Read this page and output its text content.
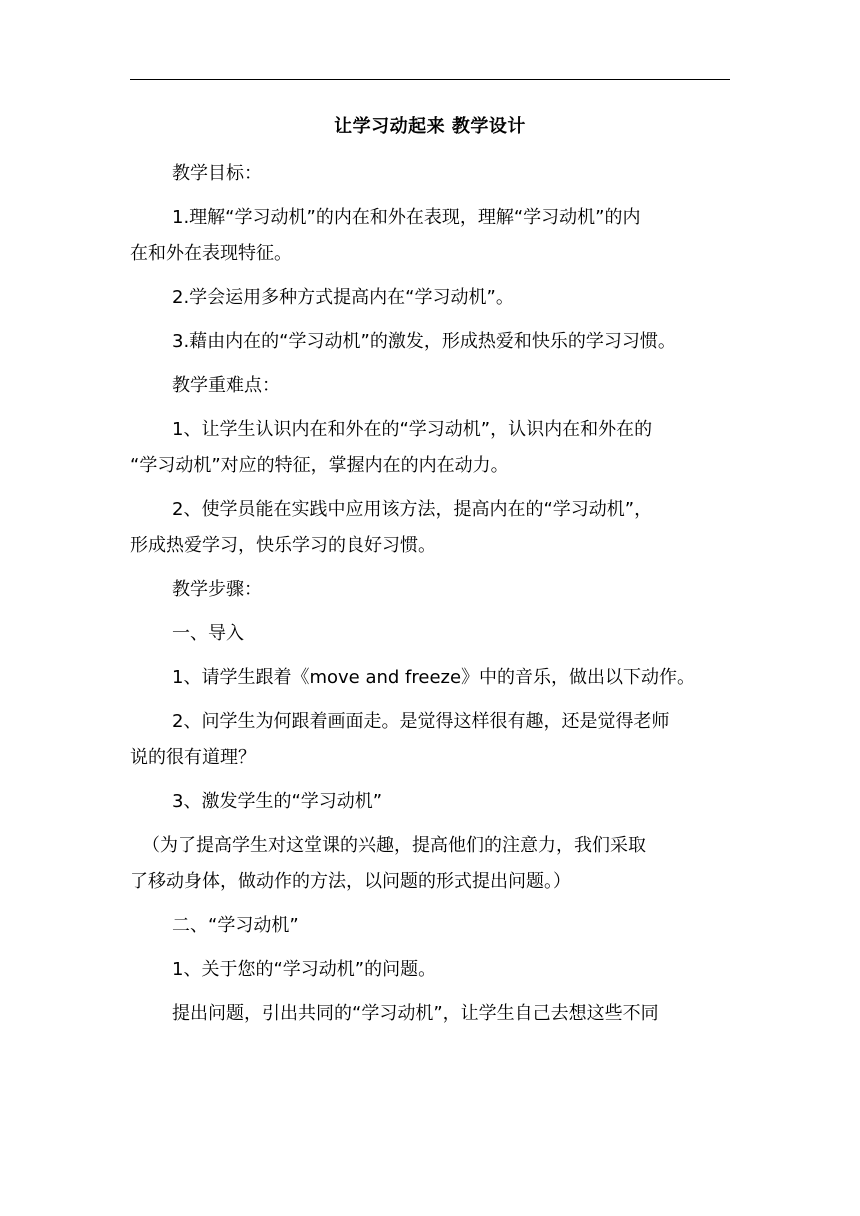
让学习动起来 教学设计

教学目标：

1.理解“学习动机”的内在和外在表现，理解“学习动机”的内
在和外在表现特征。

2.学会运用多种方式提高内在“学习动机”。

3.藉由内在的“学习动机”的激发，形成热爱和快乐的学习习惯。

教学重难点：

1、让学生认识内在和外在的“学习动机”，认识内在和外在的
“学习动机”对应的特征，掌握内在的内在动力。

2、使学员能在实践中应用该方法，提高内在的“学习动机”，
形成热爱学习，快乐学习的良好习惯。

教学步骤：

一、导入

1、请学生跟着《move and freeze》中的音乐，做出以下动作。

2、问学生为何跟着画面走。是觉得这样很有趣，还是觉得老师
说的很有道理？

3、激发学生的“学习动机”

（为了提高学生对这堂课的兴趣，提高他们的注意力，我们采取
了移动身体，做动作的方法，以问题的形式提出问题。）

二、“学习动机”

1、关于您的“学习动机”的问题。

提出问题，引出共同的“学习动机”，让学生自己去想这些不同
